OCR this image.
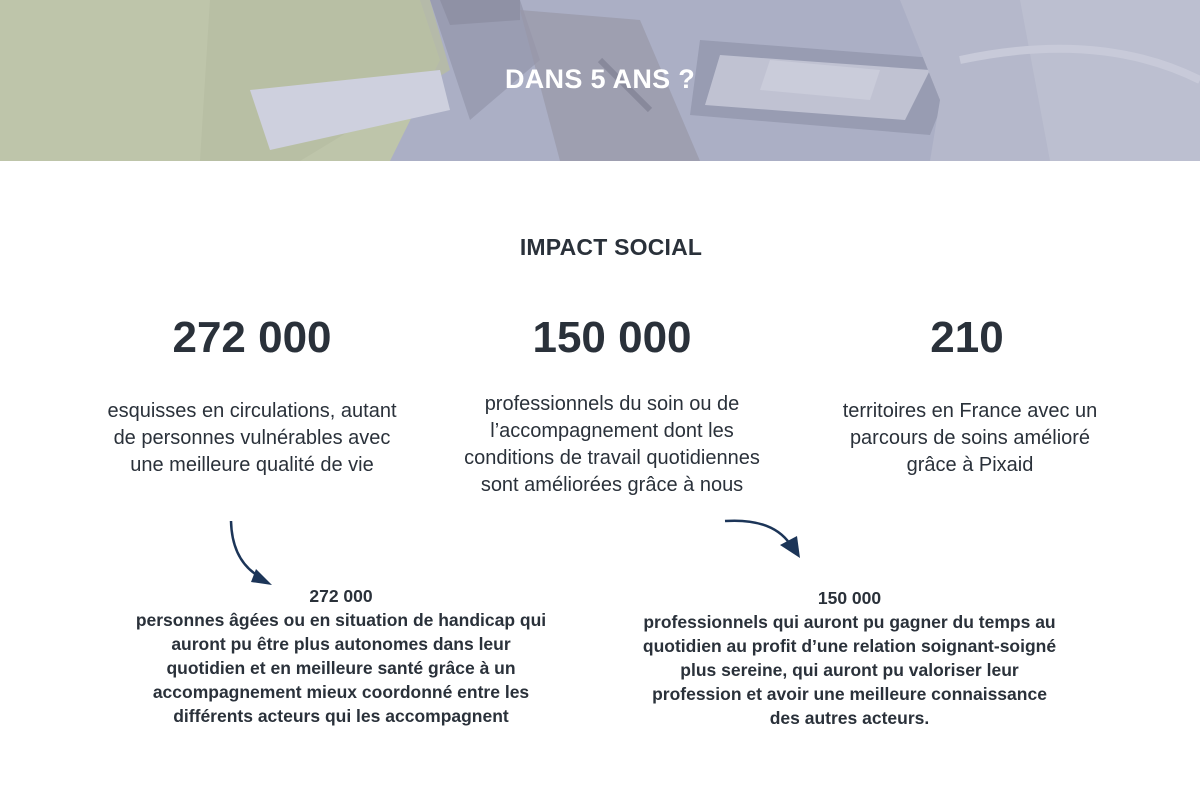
DANS 5 ANS ?
IMPACT SOCIAL
272 000
esquisses en circulations, autant de personnes vulnérables avec une meilleure qualité de vie
150 000
professionnels du soin ou de l’accompagnement dont les conditions de travail quotidiennes sont améliorées grâce à nous
210
territoires en France avec un parcours de soins amélioré grâce à Pixaid
272 000
personnes âgées ou en situation de handicap qui auront pu être plus autonomes dans leur quotidien et en meilleure santé grâce à un accompagnement mieux coordonné entre les différents acteurs qui les accompagnent
150 000
professionnels qui auront pu gagner du temps au quotidien au profit d’une relation soignant-soigné plus sereine, qui auront pu valoriser leur profession et avoir une meilleure connaissance des autres acteurs.
